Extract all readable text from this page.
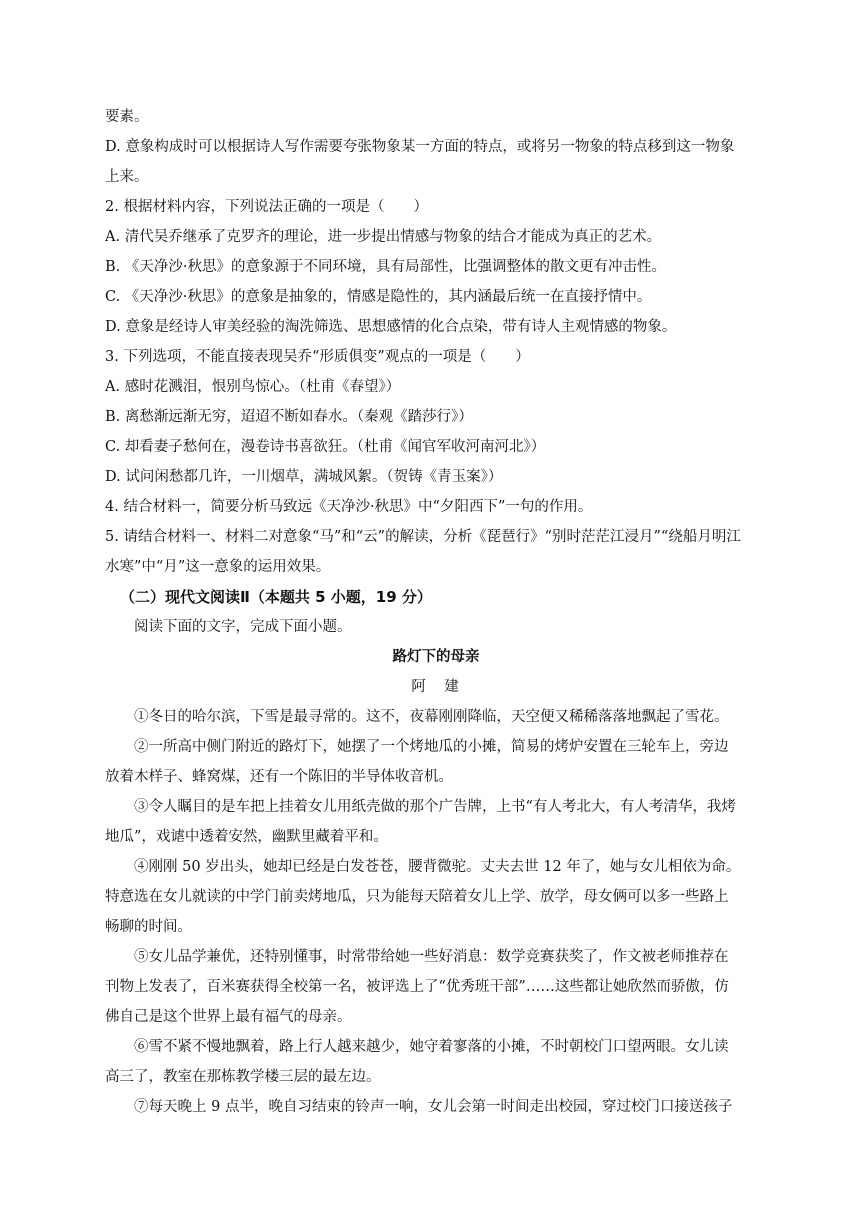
要素。
D. 意象构成时可以根据诗人写作需要夸张物象某一方面的特点，或将另一物象的特点移到这一物象
上来。
2. 根据材料内容，下列说法正确的一项是（　　）
A. 清代吴乔继承了克罗齐的理论，进一步提出情感与物象的结合才能成为真正的艺术。
B. 《天净沙·秋思》的意象源于不同环境，具有局部性，比强调整体的散文更有冲击性。
C. 《天净沙·秋思》的意象是抽象的，情感是隐性的，其内涵最后统一在直接抒情中。
D. 意象是经诗人审美经验的淘洗筛选、思想感情的化合点染，带有诗人主观情感的物象。
3. 下列选项，不能直接表现吴乔“形质俱变”观点的一项是（　　）
A. 感时花溅泪，恨别鸟惊心。（杜甫《春望》）
B. 离愁渐远渐无穷，迢迢不断如春水。（秦观《踏莎行》）
C. 却看妻子愁何在，漫卷诗书喜欲狂。（杜甫《闻官军收河南河北》）
D. 试问闲愁都几许，一川烟草，满城风絮。（贺铸《青玉案》）
4. 结合材料一，简要分析马致远《天净沙·秋思》中“夕阳西下”一句的作用。
5. 请结合材料一、材料二对意象“马”和“云”的解读，分析《琵琶行》“别时茫茫江浸月”“绕船月明江
水寒”中“月”这一意象的运用效果。
（二）现代文阅读Ⅱ（本题共 5 小题，19 分）
阅读下面的文字，完成下面小题。
路灯下的母亲
阿　建
①冬日的哈尔滨，下雪是最寻常的。这不，夜幕刚刚降临，天空便又稀稀落落地飘起了雪花。
②一所高中侧门附近的路灯下，她摆了一个烤地瓜的小摊，简易的烤炉安置在三轮车上，旁边
放着木样子、蜂窝煤，还有一个陈旧的半导体收音机。
③令人瞩目的是车把上挂着女儿用纸壳做的那个广告牌，上书“有人考北大，有人考清华，我烤
地瓜”，戏谑中透着安然，幽默里藏着平和。
④刚刚 50 岁出头，她却已经是白发苍苍，腰背微驼。丈夫去世 12 年了，她与女儿相依为命。
特意选在女儿就读的中学门前卖烤地瓜，只为能每天陪着女儿上学、放学，母女俩可以多一些路上
畅聊的时间。
⑤女儿品学兼优，还特别懂事，时常带给她一些好消息：数学竞赛获奖了，作文被老师推荐在
刊物上发表了，百米赛获得全校第一名，被评选上了“优秀班干部”……这些都让她欣然而骄傲，仿
佛自己是这个世界上最有福气的母亲。
⑥雪不紧不慢地飘着，路上行人越来越少，她守着寥落的小摊，不时朝校门口望两眼。女儿读
高三了，教室在那栋教学楼三层的最左边。
⑦每天晚上 9 点半，晚自习结束的铃声一响，女儿会第一时间走出校园，穿过校门口接送孩子
